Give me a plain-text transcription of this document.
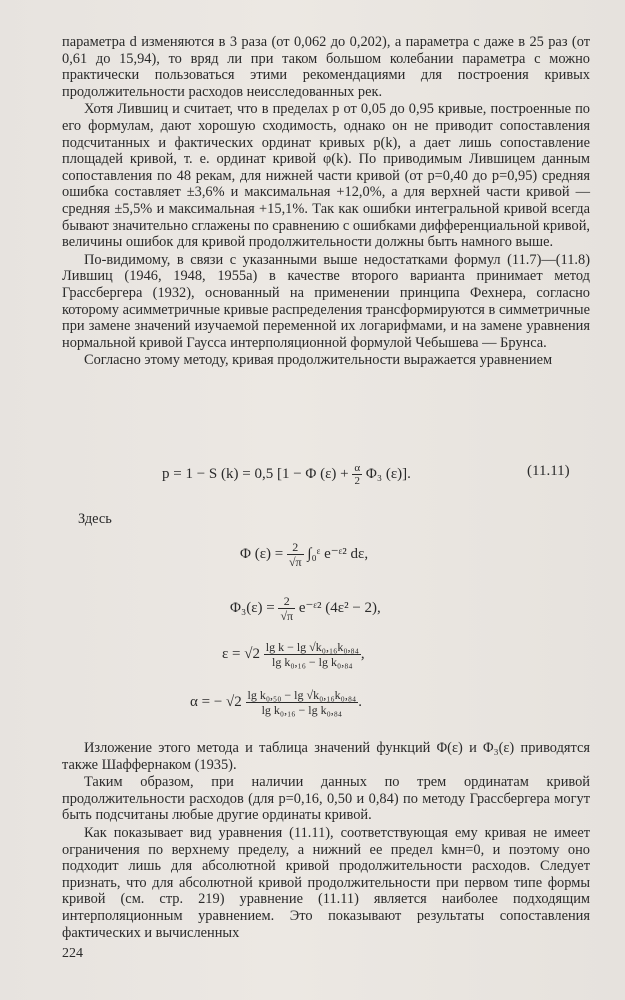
параметра d изменяются в 3 раза (от 0,062 до 0,202), а параметра c даже в 25 раз (от 0,61 до 15,94), то вряд ли при таком большом колебании параметра c можно практически пользоваться этими рекомендациями для построения кривых продолжительности расходов неисследованных рек.

Хотя Лившиц и считает, что в пределах p от 0,05 до 0,95 кривые, построенные по его формулам, дают хорошую сходимость, однако он не приводит сопоставления подсчитанных и фактических ординат кривых p(k), а дает лишь сопоставление площадей кривой, т. е. ординат кривой φ(k). По приводимым Лившицем данным сопоставления по 48 рекам, для нижней части кривой (от p=0,40 до p=0,95) средняя ошибка составляет ±3,6% и максимальная +12,0%, а для верхней части кривой — средняя ±5,5% и максимальная +15,1%. Так как ошибки интегральной кривой всегда бывают значительно сглажены по сравнению с ошибками дифференциальной кривой, величины ошибок для кривой продолжительности должны быть намного выше.

По-видимому, в связи с указанными выше недостатками формул (11.7)—(11.8) Лившиц (1946, 1948, 1955а) в качестве второго варианта принимает метод Грассбергера (1932), основанный на применении принципа Фехнера, согласно которому асимметричные кривые распределения трансформируются в симметричные при замене значений изучаемой переменной их логарифмами, и на замене уравнения нормальной кривой Гаусса интерполяционной формулой Чебышева — Брунса.

Согласно этому методу, кривая продолжительности выражается уравнением

p = 1 − S (k) = 0,5 [1 − Φ $(\varepsilon) + \frac{\alpha}{2} \Phi_3$ (ε)].	(11.11)
Здесь
Φ $(\varepsilon) = \frac{2}{√\pi}$ ∫₀ᵋ e⁻ᵋ² dε,
$\Phi_3(\varepsilon) = \frac{2}{√\pi}$ e⁻ᵋ² (4ε² − 2),
$\varepsilon = √2 \frac{\text{lg k − lg √k₀,₁₆k₀,₈₄}}{\text{lg k₀,₁₆ − lg k₀,₈₄}}$ ,
α = − $√2 \frac{\text{lg k₀,₅₀ − lg √k₀,₁₆k₀,₈₄}}{\text{lg k₀,₁₆ − lg k₀,₈₄}}$ .

Изложение этого метода и таблица значений функций Φ(ε) и Φ₃(ε) приводятся также Шаффернаком (1935).

Таким образом, при наличии данных по трем ординатам кривой продолжительности расходов (для p=0,16, 0,50 и 0,84) по методу Грассбергера могут быть подсчитаны любые другие ординаты кривой.

Как показывает вид уравнения (11.11), соответствующая ему кривая не имеет ограничения по верхнему пределу, а нижний ее предел kмн=0, и поэтому оно подходит лишь для абсолютной кривой продолжительности расходов. Следует признать, что для абсолютной кривой продолжительности при первом типе формы кривой (см. стр. 219) уравнение (11.11) является наиболее подходящим интерполяционным уравнением. Это показывают результаты сопоставления фактических и вычисленных

224
